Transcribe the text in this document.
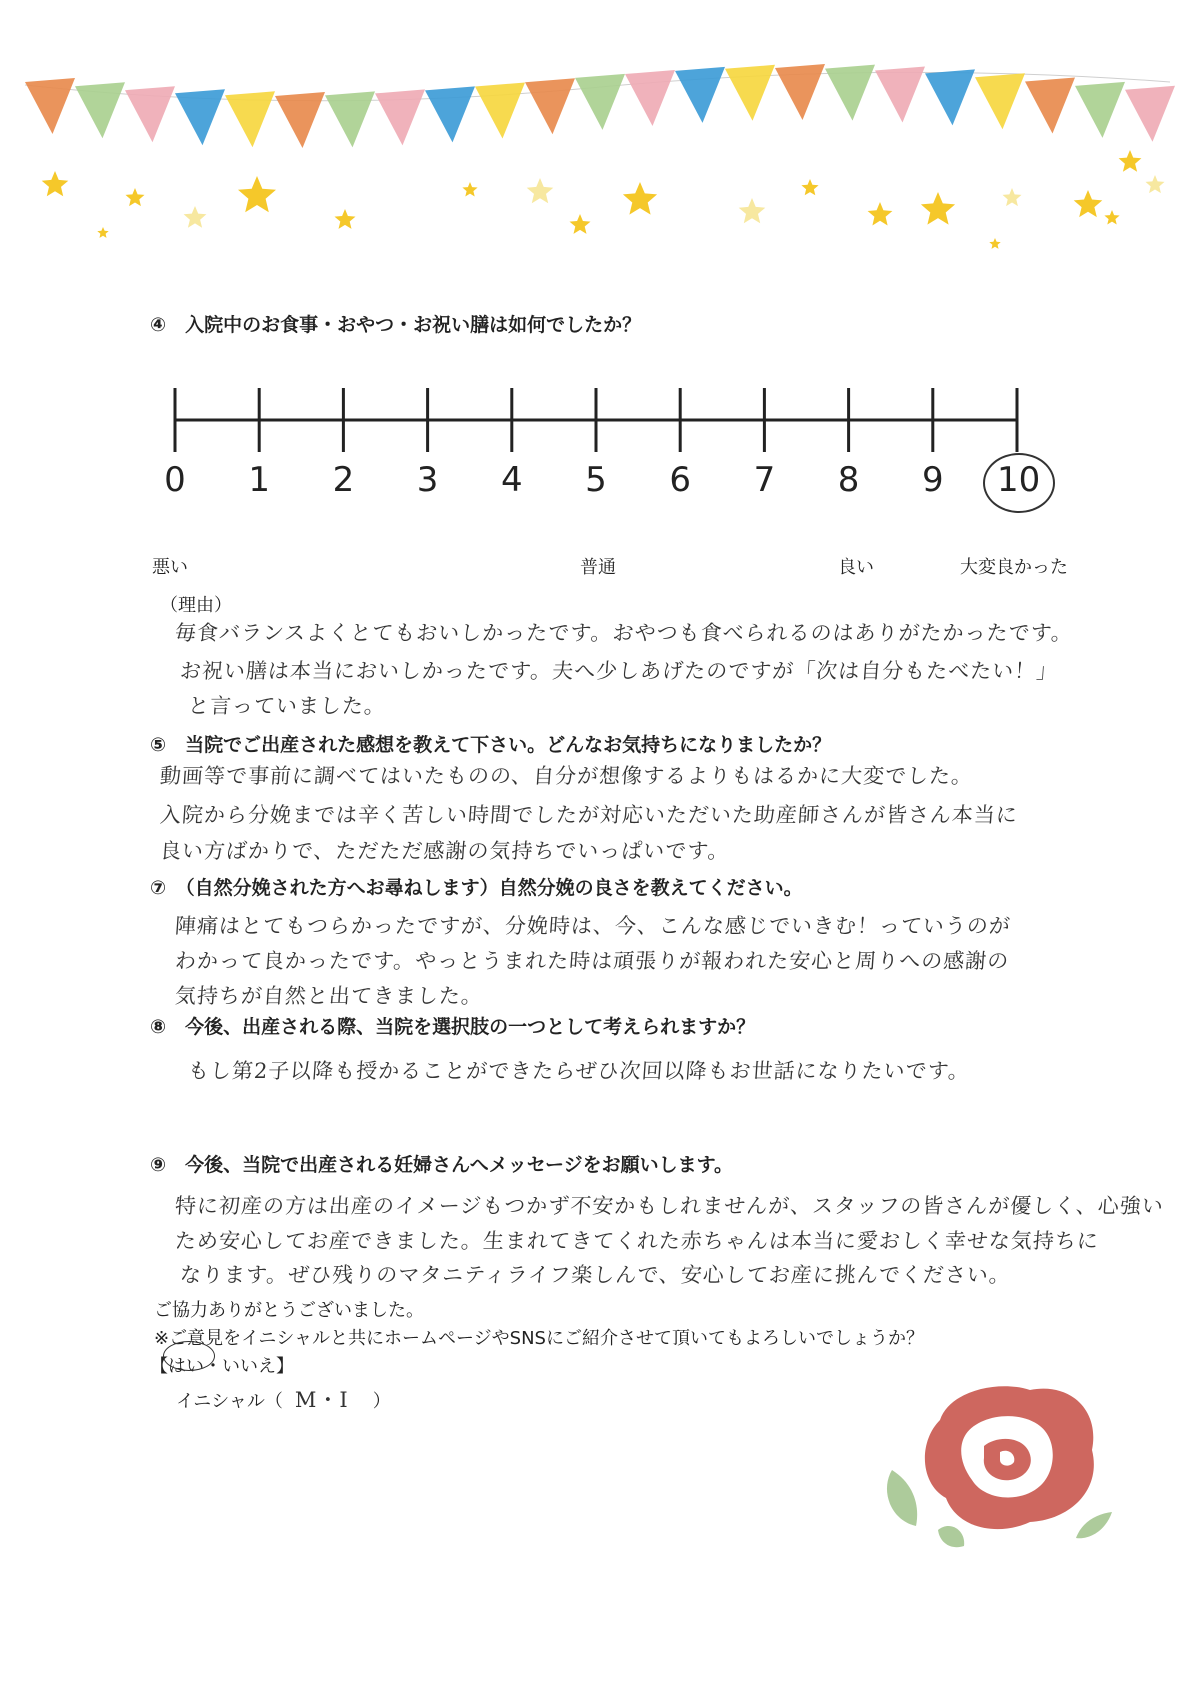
④　入院中のお食事・おやつ・お祝い膳は如何でしたか？
0 1 2 3 4 5 6 7 8 9 10
悪い	普通	良い	大変良かった
（理由）
毎食バランスよくとてもおいしかったです。おやつも食べられるのはありがたかったです。
お祝い膳は本当においしかったです。夫へ少しあげたのですが「次は自分もたべたい！」
と言っていました。
⑤　当院でご出産された感想を教えて下さい。どんなお気持ちになりましたか？
動画等で事前に調べてはいたものの、自分が想像するよりもはるかに大変でした。
入院から分娩までは辛く苦しい時間でしたが対応いただいた助産師さんが皆さん本当に
良い方ばかりで、ただただ感謝の気持ちでいっぱいです。
⑦　（自然分娩された方へお尋ねします）自然分娩の良さを教えてください。
陣痛はとてもつらかったですが、分娩時は、今、こんな感じでいきむ！っていうのが
わかって良かったです。やっとうまれた時は頑張りが報われた安心と周りへの感謝の
気持ちが自然と出てきました。
⑧　今後、出産される際、当院を選択肢の一つとして考えられますか？
もし第2子以降も授かることができたらぜひ次回以降もお世話になりたいです。
⑨　今後、当院で出産される妊婦さんへメッセージをお願いします。
特に初産の方は出産のイメージもつかず不安かもしれませんが、スタッフの皆さんが優しく、心強い
ため安心してお産できました。生まれてきてくれた赤ちゃんは本当に愛おしく幸せな気持ちに
なります。ぜひ残りのマタニティライフ楽しんで、安心してお産に挑んでください。
ご協力ありがとうございました。
※ご意見をイニシャルと共にホームページやSNSにご紹介させて頂いてもよろしいでしょうか？
【はい・いいえ】
イニシャル（ M・I ）
